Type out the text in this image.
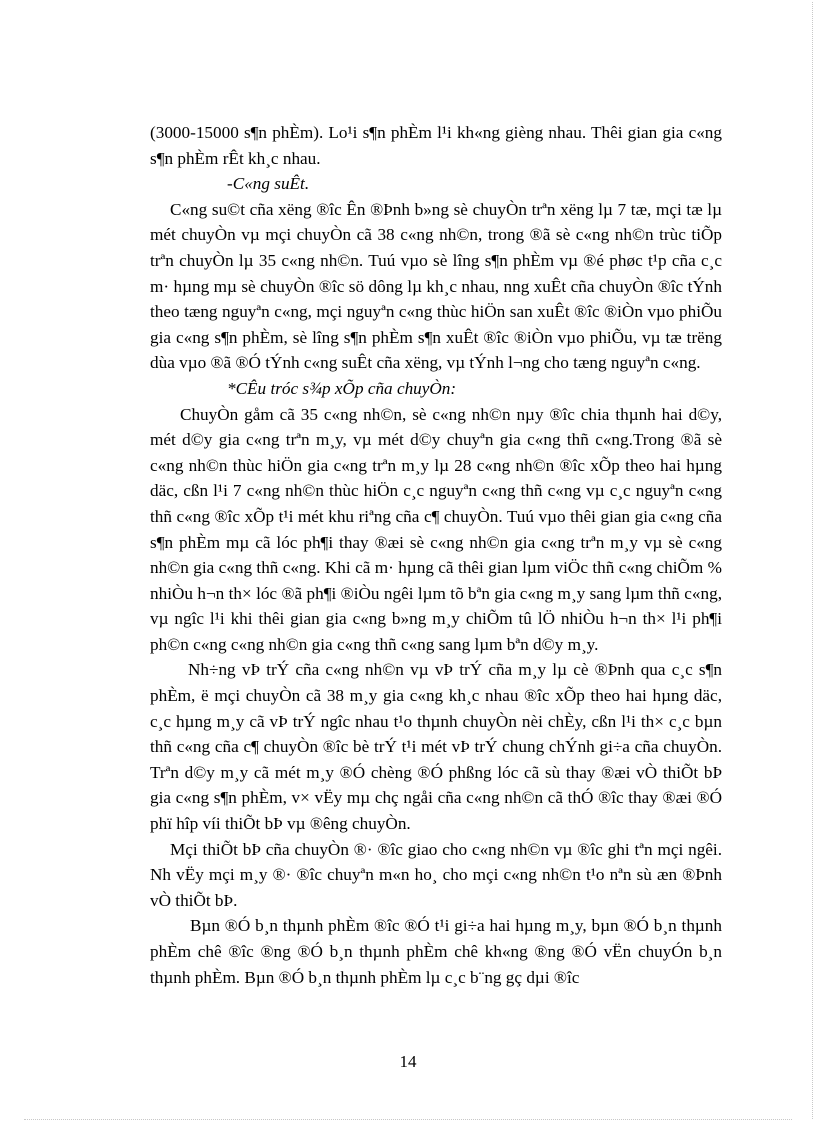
(3000-15000 s¶n phÈm). Lo¹i s¶n phÈm l¹i kh«ng gièng nhau. Thêi gian gia c«ng s¶n phÈm rÊt kh¸c nhau.

-C«ng suÊt.

C«ng su©t cña xëng ®îc Ên ®Þnh b»ng sè chuyÒn trªn xëng lµ 7 tæ, mçi tæ lµ mét chuyÒn vµ mçi chuyÒn cã 38 c«ng nh©n, trong ®ã sè c«ng nh©n trùc tiÕp trªn chuyÒn lµ 35 c«ng nh©n. Tuú vµo sè lîng s¶n phÈm vµ ®é phøc t¹p cña c¸c m· hµng mµ sè chuyÒn ®îc sö dông lµ kh¸c nhau, nng xuÊt cña chuyÒn ®îc tÝnh theo tæng nguyªn c«ng, mçi nguyªn c«ng thùc hiÖn san xuÊt ®îc ®iÒn vµo phiÕu gia c«ng s¶n phÈm, sè lîng s¶n phÈm s¶n xuÊt ®îc ®iÒn vµo phiÕu, vµ tæ trëng dùa vµo ®ã ®Ó tÝnh c«ng suÊt cña xëng, vµ tÝnh l¬ng cho tæng nguyªn c«ng.

*CÊu tróc s¾p xÕp cña chuyÒn:

ChuyÒn gåm cã 35 c«ng nh©n, sè c«ng nh©n nµy ®îc chia thµnh hai d©y, mét d©y gia c«ng trªn m¸y, vµ mét d©y chuyªn gia c«ng thñ c«ng.Trong ®ã sè c«ng nh©n thùc hiÖn gia c«ng trªn m¸y lµ 28 c«ng nh©n ®îc xÕp theo hai hµng däc, cßn l¹i 7 c«ng nh©n thùc hiÖn c¸c nguyªn c«ng thñ c«ng vµ c¸c nguyªn c«ng thñ c«ng ®îc xÕp t¹i mét khu riªng cña c¶ chuyÒn. Tuú vµo thêi gian gia c«ng cña s¶n phÈm mµ cã lóc ph¶i thay ®æi sè c«ng nh©n gia c«ng trªn m¸y vµ sè c«ng nh©n gia c«ng thñ c«ng. Khi cã m· hµng cã thêi gian lµm viÖc thñ c«ng chiÕm % nhiÒu h¬n th× lóc ®ã ph¶i ®iÒu ngêi lµm tõ bªn gia c«ng m¸y sang lµm thñ c«ng, vµ ngîc l¹i khi thêi gian gia c«ng b»ng m¸y chiÕm tû lÖ nhiÒu h¬n th× l¹i ph¶i ph©n c«ng c«ng nh©n gia c«ng thñ c«ng sang lµm bªn d©y m¸y.

Nh÷ng vÞ trÝ cña c«ng nh©n vµ vÞ trÝ cña m¸y lµ cè ®Þnh qua c¸c s¶n phÈm, ë mçi chuyÒn cã 38 m¸y gia c«ng kh¸c nhau ®îc xÕp theo hai hµng däc, c¸c hµng m¸y cã vÞ trÝ ngîc nhau t¹o thµnh chuyÒn nèi chÈy, cßn l¹i th× c¸c bµn thñ c«ng cña c¶ chuyÒn ®îc bè trÝ t¹i mét vÞ trÝ chung chÝnh gi÷a cña chuyÒn. Trªn d©y m¸y cã mét m¸y ®Ó chèng ®Ó phßng lóc cã sù thay ®æi vÒ thiÕt bÞ gia c«ng s¶n phÈm, v× vËy mµ chç ngåi cña c«ng nh©n cã thÓ ®îc thay ®æi ®Ó phï hîp víi thiÕt bÞ vµ ®êng chuyÒn.

Mçi thiÕt bÞ cña chuyÒn ®· ®îc giao cho c«ng nh©n vµ ®îc ghi tªn mçi ngêi. Nh vËy mçi m¸y ®· ®îc chuyªn m«n ho¸ cho mçi c«ng nh©n t¹o nªn sù æn ®Þnh vÒ thiÕt bÞ.

Bµn ®Ó b¸n thµnh phÈm ®îc ®Ó t¹i gi÷a hai hµng m¸y, bµn ®Ó b¸n thµnh phÈm chê ®îc ®ng ®Ó b¸n thµnh phÈm chê kh«ng ®ng ®Ó vËn chuyÓn b¸n thµnh phÈm. Bµn ®Ó b¸n thµnh phÈm lµ c¸c b¨ng gç dµi ®îc

14
